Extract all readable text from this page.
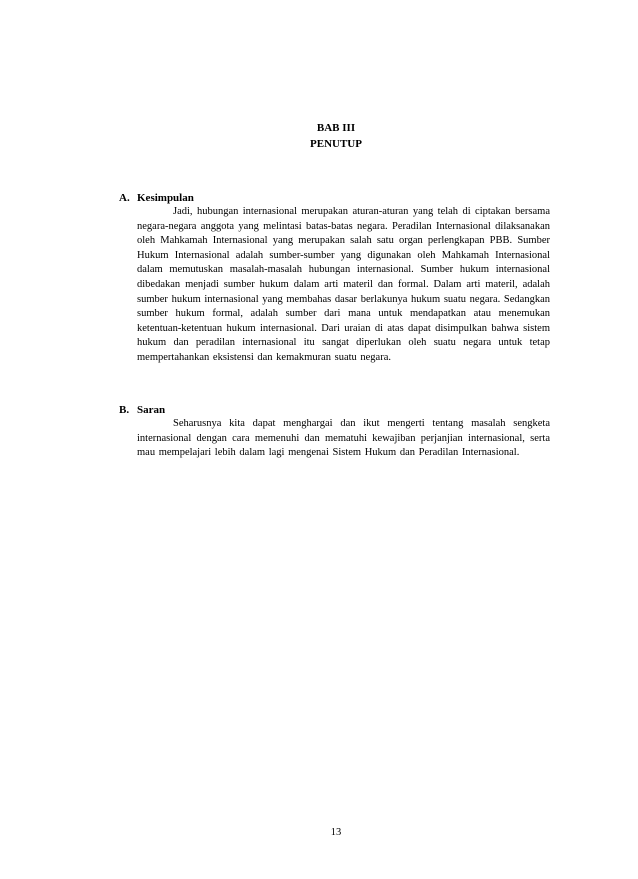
BAB III
PENUTUP
A. Kesimpulan
Jadi, hubungan internasional merupakan aturan-aturan yang telah di ciptakan bersama negara-negara anggota yang melintasi batas-batas negara. Peradilan Internasional dilaksanakan oleh Mahkamah Internasional yang merupakan salah satu organ perlengkapan PBB. Sumber Hukum Internasional adalah sumber-sumber yang digunakan oleh Mahkamah Internasional dalam memutuskan masalah-masalah hubungan internasional. Sumber hukum internasional dibedakan menjadi sumber hukum dalam arti materil dan formal. Dalam arti materil, adalah sumber hukum internasional yang membahas dasar berlakunya hukum suatu negara. Sedangkan sumber hukum formal, adalah sumber dari mana untuk mendapatkan atau menemukan ketentuan-ketentuan hukum internasional. Dari uraian di atas dapat disimpulkan bahwa sistem hukum dan peradilan internasional itu sangat diperlukan oleh suatu negara untuk tetap mempertahankan eksistensi dan kemakmuran suatu negara.
B. Saran
Seharusnya kita dapat menghargai dan ikut mengerti tentang masalah sengketa internasional dengan cara memenuhi dan mematuhi kewajiban perjanjian internasional, serta mau mempelajari lebih dalam lagi mengenai Sistem Hukum dan Peradilan Internasional.
13
